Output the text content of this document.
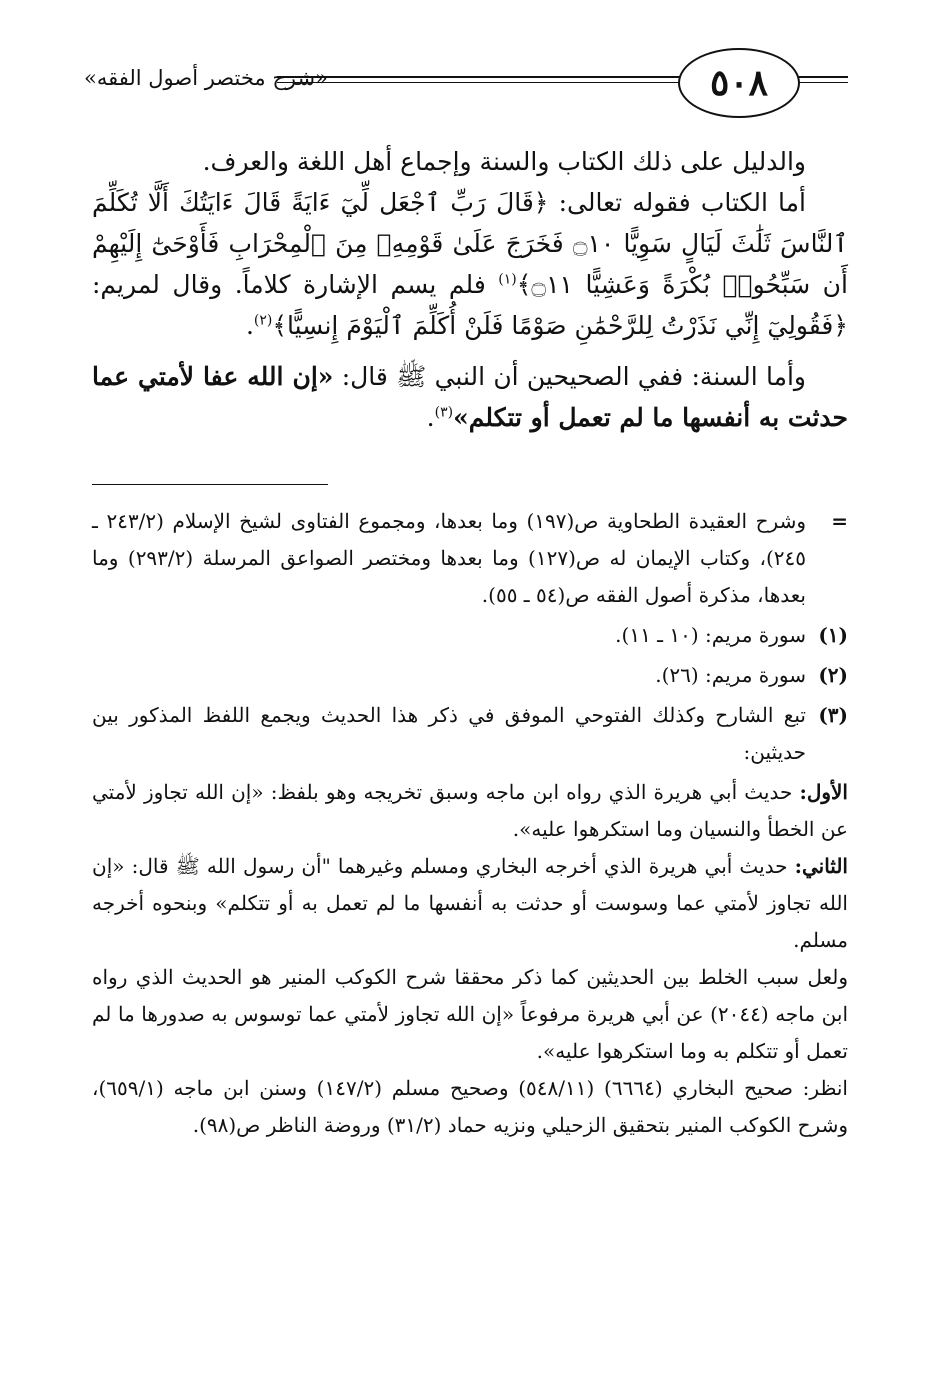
٥٠٨
«شرح مختصر أصول الفقه»

والدليل على ذلك الكتاب والسنة وإجماع أهل اللغة والعرف.

أما الكتاب فقوله تعالى: ﴿قَالَ رَبِّ ٱجْعَل لِّيٓ ءَايَةً قَالَ ءَايَتُكَ أَلَّا تُكَلِّمَ ٱلنَّاسَ ثَلَٰثَ لَيَالٍ سَوِيًّا ۝١٠ فَخَرَجَ عَلَىٰ قَوْمِهِۦ مِنَ ٱلْمِحْرَابِ فَأَوْحَىٰٓ إِلَيْهِمْ أَن سَبِّحُوا۟ بُكْرَةً وَعَشِيًّا ۝١١﴾$^{(١)}$ فلم يسم الإشارة كلاماً. وقال لمريم: ﴿فَقُولِيٓ إِنِّي نَذَرْتُ لِلرَّحْمَٰنِ صَوْمًا فَلَنْ أُكَلِّمَ ٱلْيَوْمَ إِنسِيًّا﴾$^{(٢)}$.

وأما السنة: ففي الصحيحين أن النبي ﷺ قال: «إن الله عفا لأمتي عما حدثت به أنفسها ما لم تعمل أو تتكلم»$^{(٣)}$.

=
وشرح العقيدة الطحاوية ص(١٩٧) وما بعدها، ومجموع الفتاوى لشيخ الإسلام (٢٤٣/٢ ـ ٢٤٥)، وكتاب الإيمان له ص(١٢٧) وما بعدها ومختصر الصواعق المرسلة (٢٩٣/٢) وما بعدها، مذكرة أصول الفقه ص(٥٤ ـ ٥٥).
(١)
سورة مريم: (١٠ ـ ١١).
(٢)
سورة مريم: (٢٦).
(٣)

تبع الشارح وكذلك الفتوحي الموفق في ذكر هذا الحديث ويجمع اللفظ المذكور بين حديثين:

الأول: حديث أبي هريرة الذي رواه ابن ماجه وسبق تخريجه وهو بلفظ: «إن الله تجاوز لأمتي عن الخطأ والنسيان وما استكرهوا عليه».

الثاني: حديث أبي هريرة الذي أخرجه البخاري ومسلم وغيرهما "أن رسول الله ﷺ قال: «إن الله تجاوز لأمتي عما وسوست أو حدثت به أنفسها ما لم تعمل به أو تتكلم» وبنحوه أخرجه مسلم.

ولعل سبب الخلط بين الحديثين كما ذكر محققا شرح الكوكب المنير هو الحديث الذي رواه ابن ماجه (٢٠٤٤) عن أبي هريرة مرفوعاً «إن الله تجاوز لأمتي عما توسوس به صدورها ما لم تعمل أو تتكلم به وما استكرهوا عليه».

انظر: صحيح البخاري (٦٦٦٤) (٥٤٨/١١) وصحيح مسلم (١٤٧/٢) وسنن ابن ماجه (٦٥٩/١)، وشرح الكوكب المنير بتحقيق الزحيلي ونزيه حماد (٣١/٢) وروضة الناظر ص(٩٨).
